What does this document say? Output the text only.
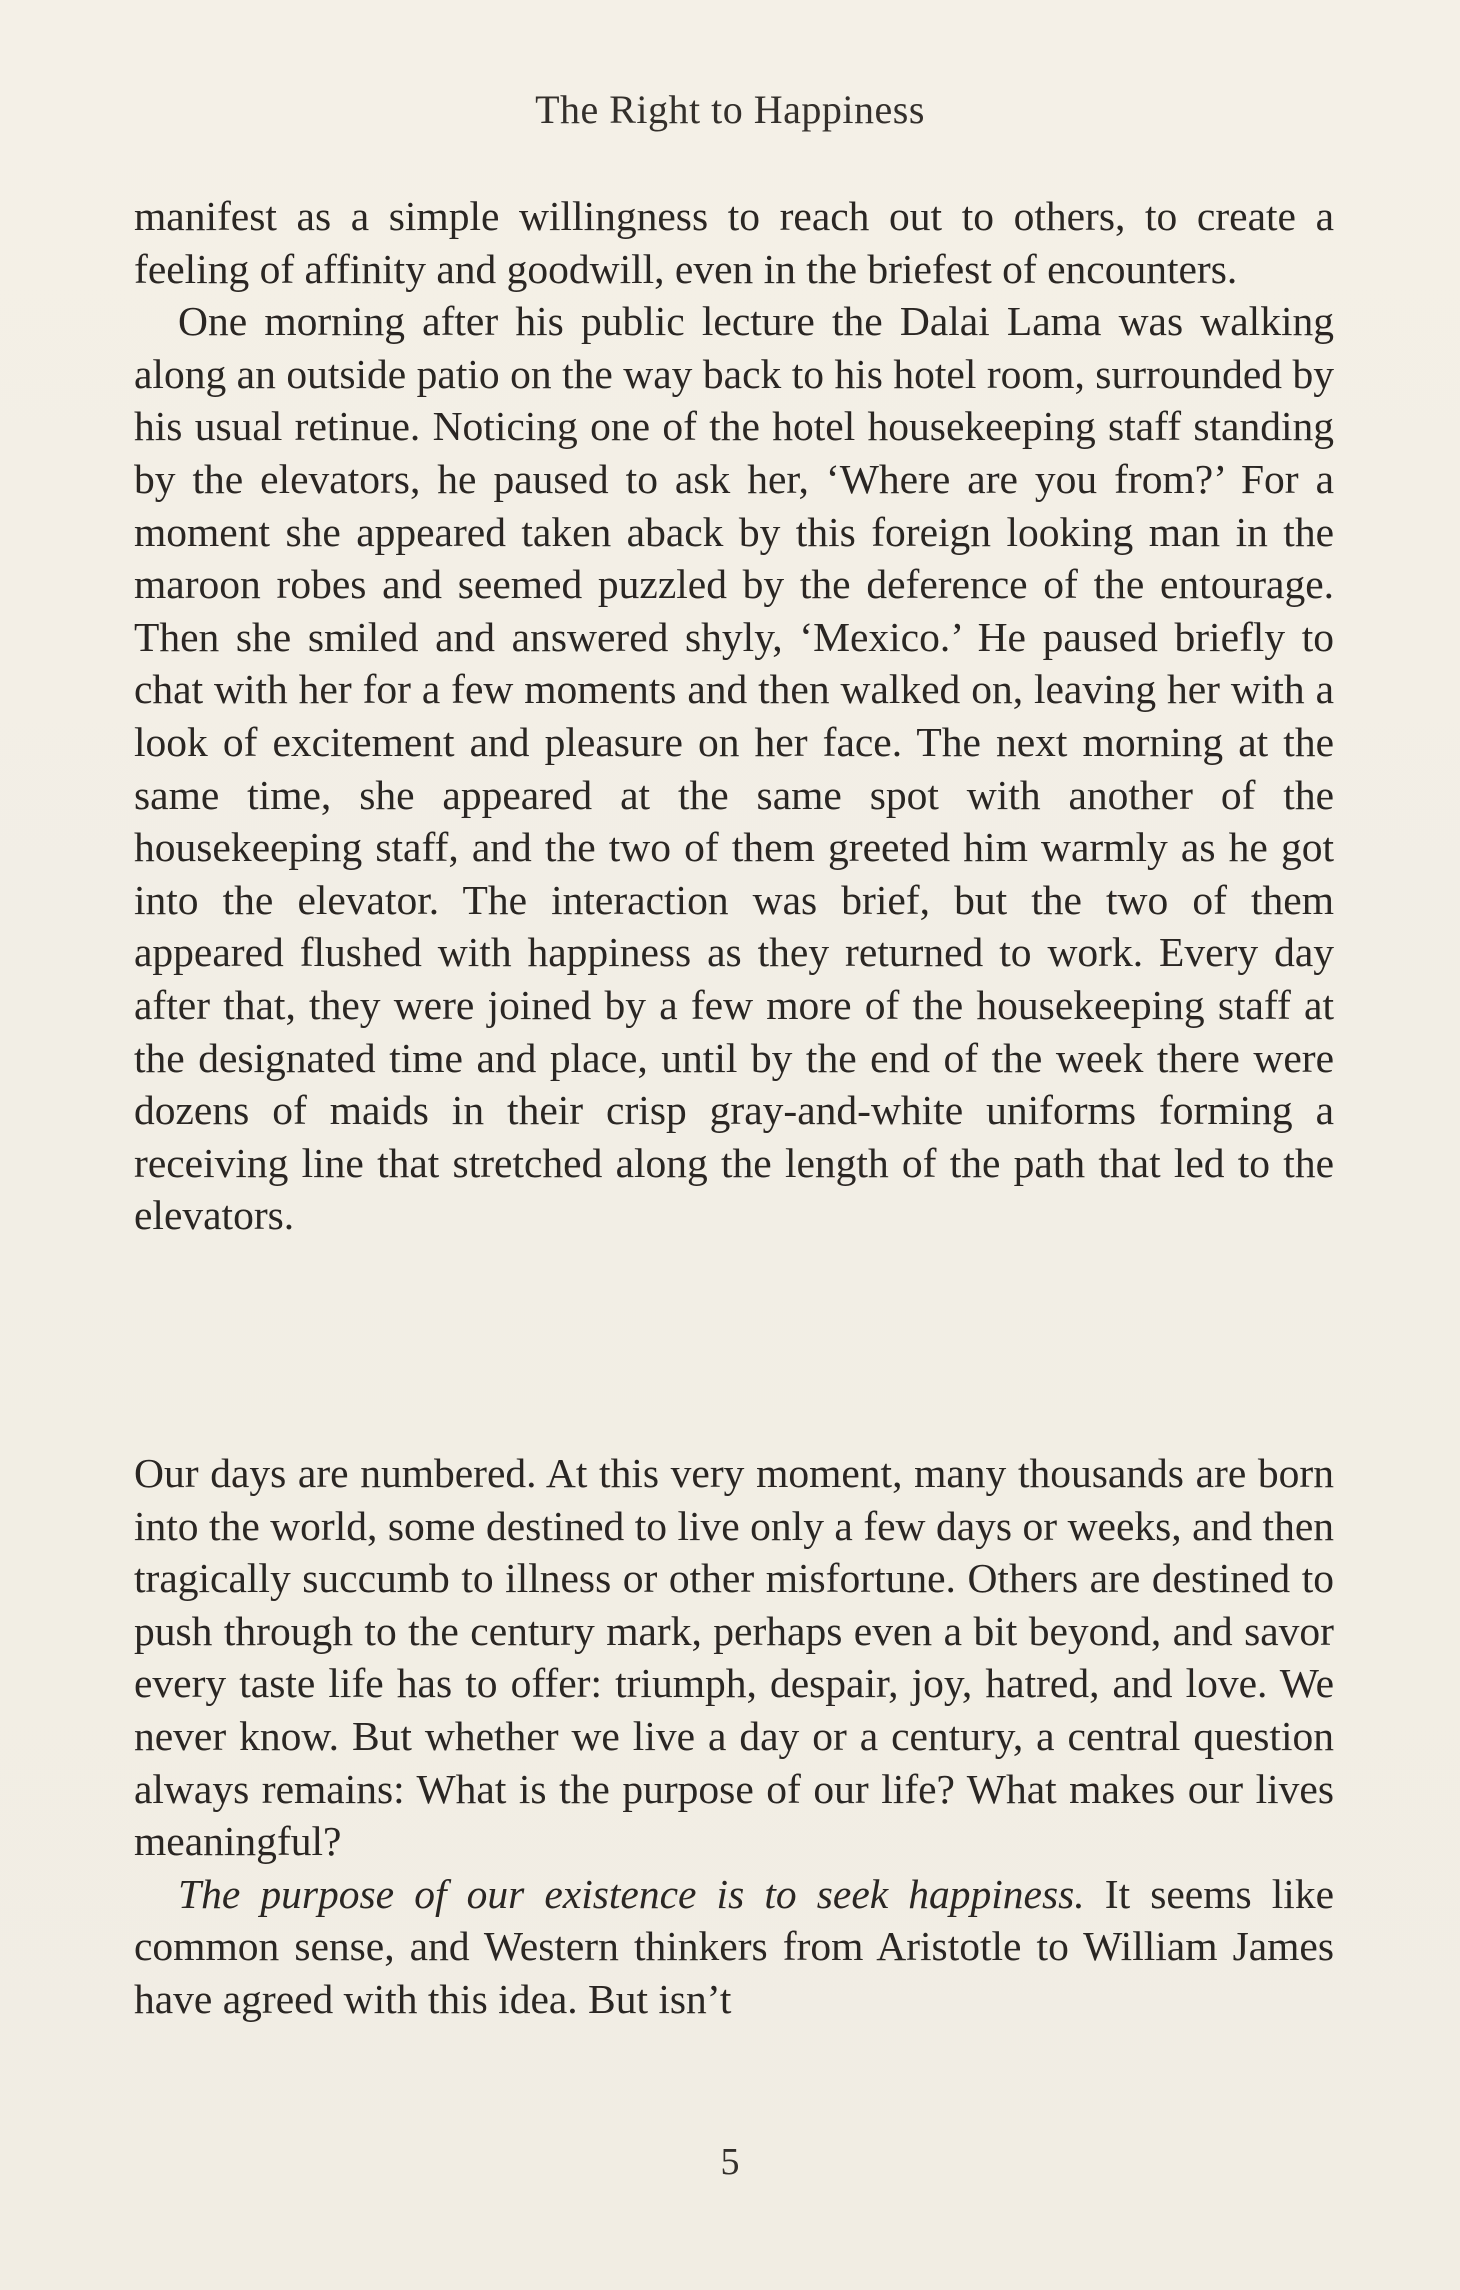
The Right to Happiness

manifest as a simple willingness to reach out to others, to create a feeling of affinity and goodwill, even in the briefest of encounters.

One morning after his public lecture the Dalai Lama was walking along an outside patio on the way back to his hotel room, surrounded by his usual retinue. Noticing one of the hotel housekeeping staff standing by the elevators, he paused to ask her, ‘Where are you from?’ For a moment she appeared taken aback by this foreign looking man in the maroon robes and seemed puzzled by the deference of the entourage. Then she smiled and answered shyly, ‘Mexico.’ He paused briefly to chat with her for a few moments and then walked on, leaving her with a look of excitement and pleasure on her face. The next morning at the same time, she appeared at the same spot with another of the housekeeping staff, and the two of them greeted him warmly as he got into the elevator. The interaction was brief, but the two of them appeared flushed with happiness as they returned to work. Every day after that, they were joined by a few more of the housekeeping staff at the designated time and place, until by the end of the week there were dozens of maids in their crisp gray-and-white uniforms forming a receiving line that stretched along the length of the path that led to the elevators.

Our days are numbered. At this very moment, many thousands are born into the world, some destined to live only a few days or weeks, and then tragically succumb to illness or other misfortune. Others are destined to push through to the century mark, perhaps even a bit beyond, and savor every taste life has to offer: triumph, despair, joy, hatred, and love. We never know. But whether we live a day or a century, a central question always remains: What is the purpose of our life? What makes our lives meaningful?

The purpose of our existence is to seek happiness. It seems like common sense, and Western thinkers from Aristotle to William James have agreed with this idea. But isn’t

5
